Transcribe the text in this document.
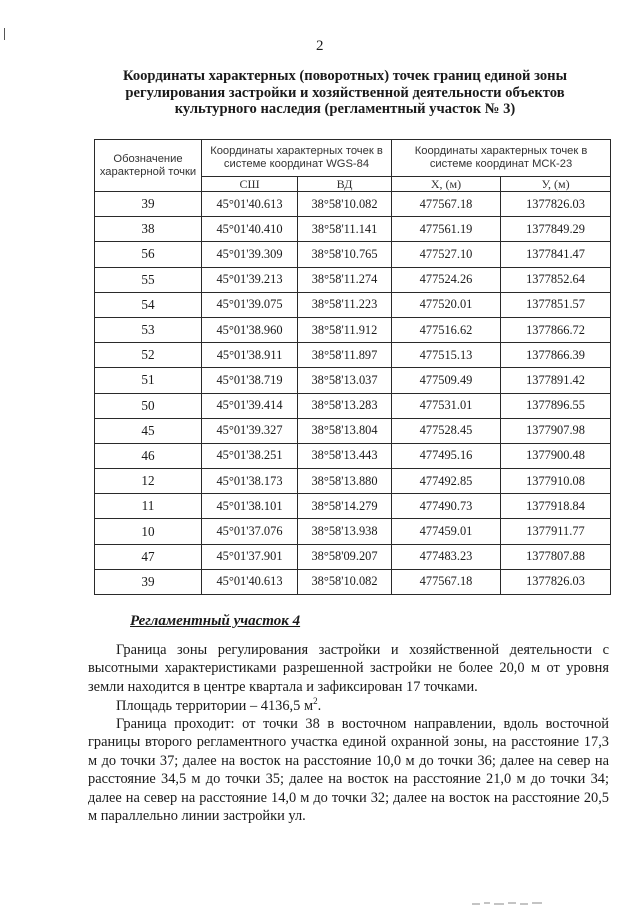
2
Координаты характерных (поворотных) точек границ единой зоны
регулирования застройки и хозяйственной деятельности объектов
культурного наследия (регламентный участок № 3)
Обозначение характерной точки	Координаты характерных точек в системе координат WGS-84		Координаты характерных точек в системе координат МСК-23	
	СШ	ВД	Х, (м)	У, (м)
39	45°01'40.613	38°58'10.082	477567.18	1377826.03
38	45°01'40.410	38°58'11.141	477561.19	1377849.29
56	45°01'39.309	38°58'10.765	477527.10	1377841.47
55	45°01'39.213	38°58'11.274	477524.26	1377852.64
54	45°01'39.075	38°58'11.223	477520.01	1377851.57
53	45°01'38.960	38°58'11.912	477516.62	1377866.72
52	45°01'38.911	38°58'11.897	477515.13	1377866.39
51	45°01'38.719	38°58'13.037	477509.49	1377891.42
50	45°01'39.414	38°58'13.283	477531.01	1377896.55
45	45°01'39.327	38°58'13.804	477528.45	1377907.98
46	45°01'38.251	38°58'13.443	477495.16	1377900.48
12	45°01'38.173	38°58'13.880	477492.85	1377910.08
11	45°01'38.101	38°58'14.279	477490.73	1377918.84
10	45°01'37.076	38°58'13.938	477459.01	1377911.77
47	45°01'37.901	38°58'09.207	477483.23	1377807.88
39	45°01'40.613	38°58'10.082	477567.18	1377826.03
Регламентный участок 4

Граница зоны регулирования застройки и хозяйственной деятельности с высотными характеристиками разрешенной застройки не более 20,0 м от уровня земли находится в центре квартала и зафиксирован 17 точками.

Площадь территории – 4136,5 $м^2$.

Граница проходит: от точки 38 в восточном направлении, вдоль восточной границы второго регламентного участка единой охранной зоны, на расстояние 17,3 м до точки 37; далее на восток на расстояние 10,0 м до точки 36; далее на север на расстояние 34,5 м до точки 35; далее на восток на расстояние 21,0 м до точки 34; далее на север на расстояние 14,0 м до точки 32; далее на восток на расстояние 20,5 м параллельно линии застройки ул.
